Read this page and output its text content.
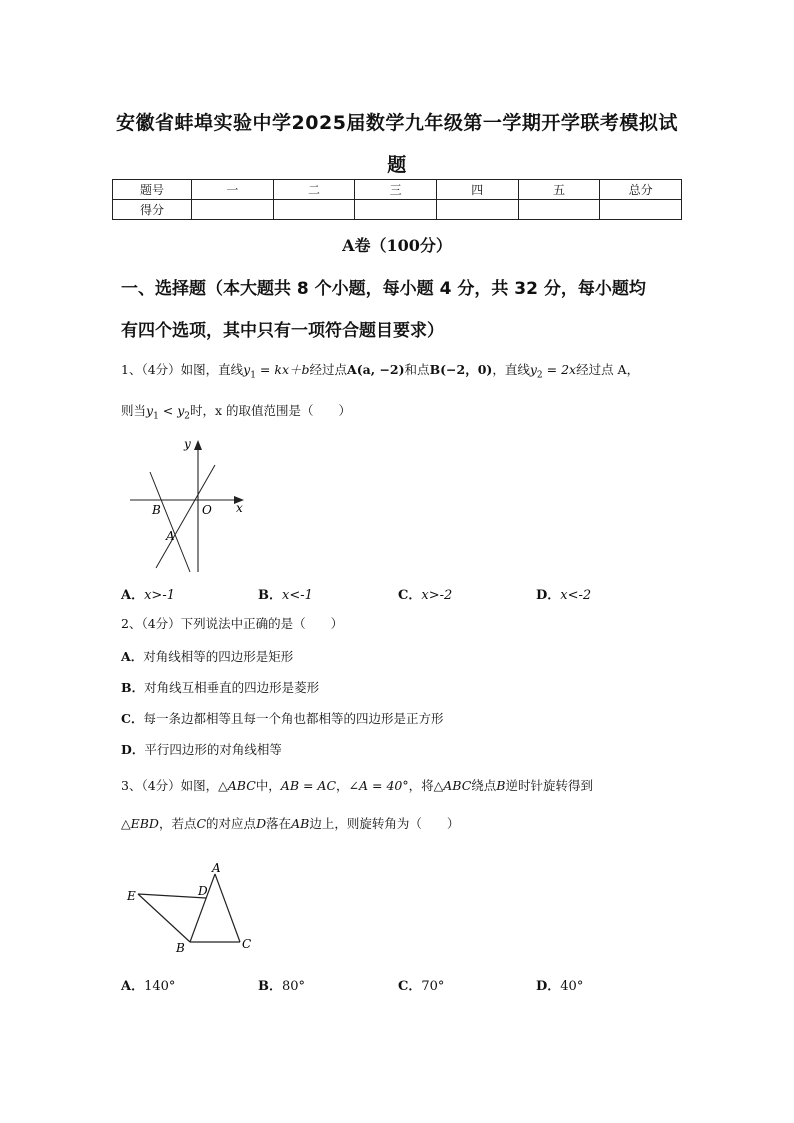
安徽省蚌埠实验中学2025届数学九年级第一学期开学联考模拟试
题
题号	一	二	三	四	五	总分
得分						
A卷（100分）
一、选择题（本大题共 8 个小题，每小题 4 分，共 32 分，每小题均
有四个选项，其中只有一项符合题目要求）
1、（4分）如图，直线$y_1 = kx+b$经过点A(a, −2)和点B(−2，0)，直线$y_2 = 2x$经过点 A，
则当$y_1 < y_2$时，x 的取值范围是（　　）
y
x
O
B
A
A．x>-1	B．x<-1	C．x>-2	D．x<-2
2、（4分）下列说法中正确的是（　　）
A．对角线相等的四边形是矩形
B．对角线互相垂直的四边形是菱形
C．每一条边都相等且每一个角也都相等的四边形是正方形
D．平行四边形的对角线相等
3、（4分）如图，△ABC中，AB = AC，∠A = 40°，将△ABC绕点B逆时针旋转得到
△EBD，若点C的对应点D落在AB边上，则旋转角为（　　）
A
D
E
B	C
A．140°	B．80°	C．70°	D．40°
